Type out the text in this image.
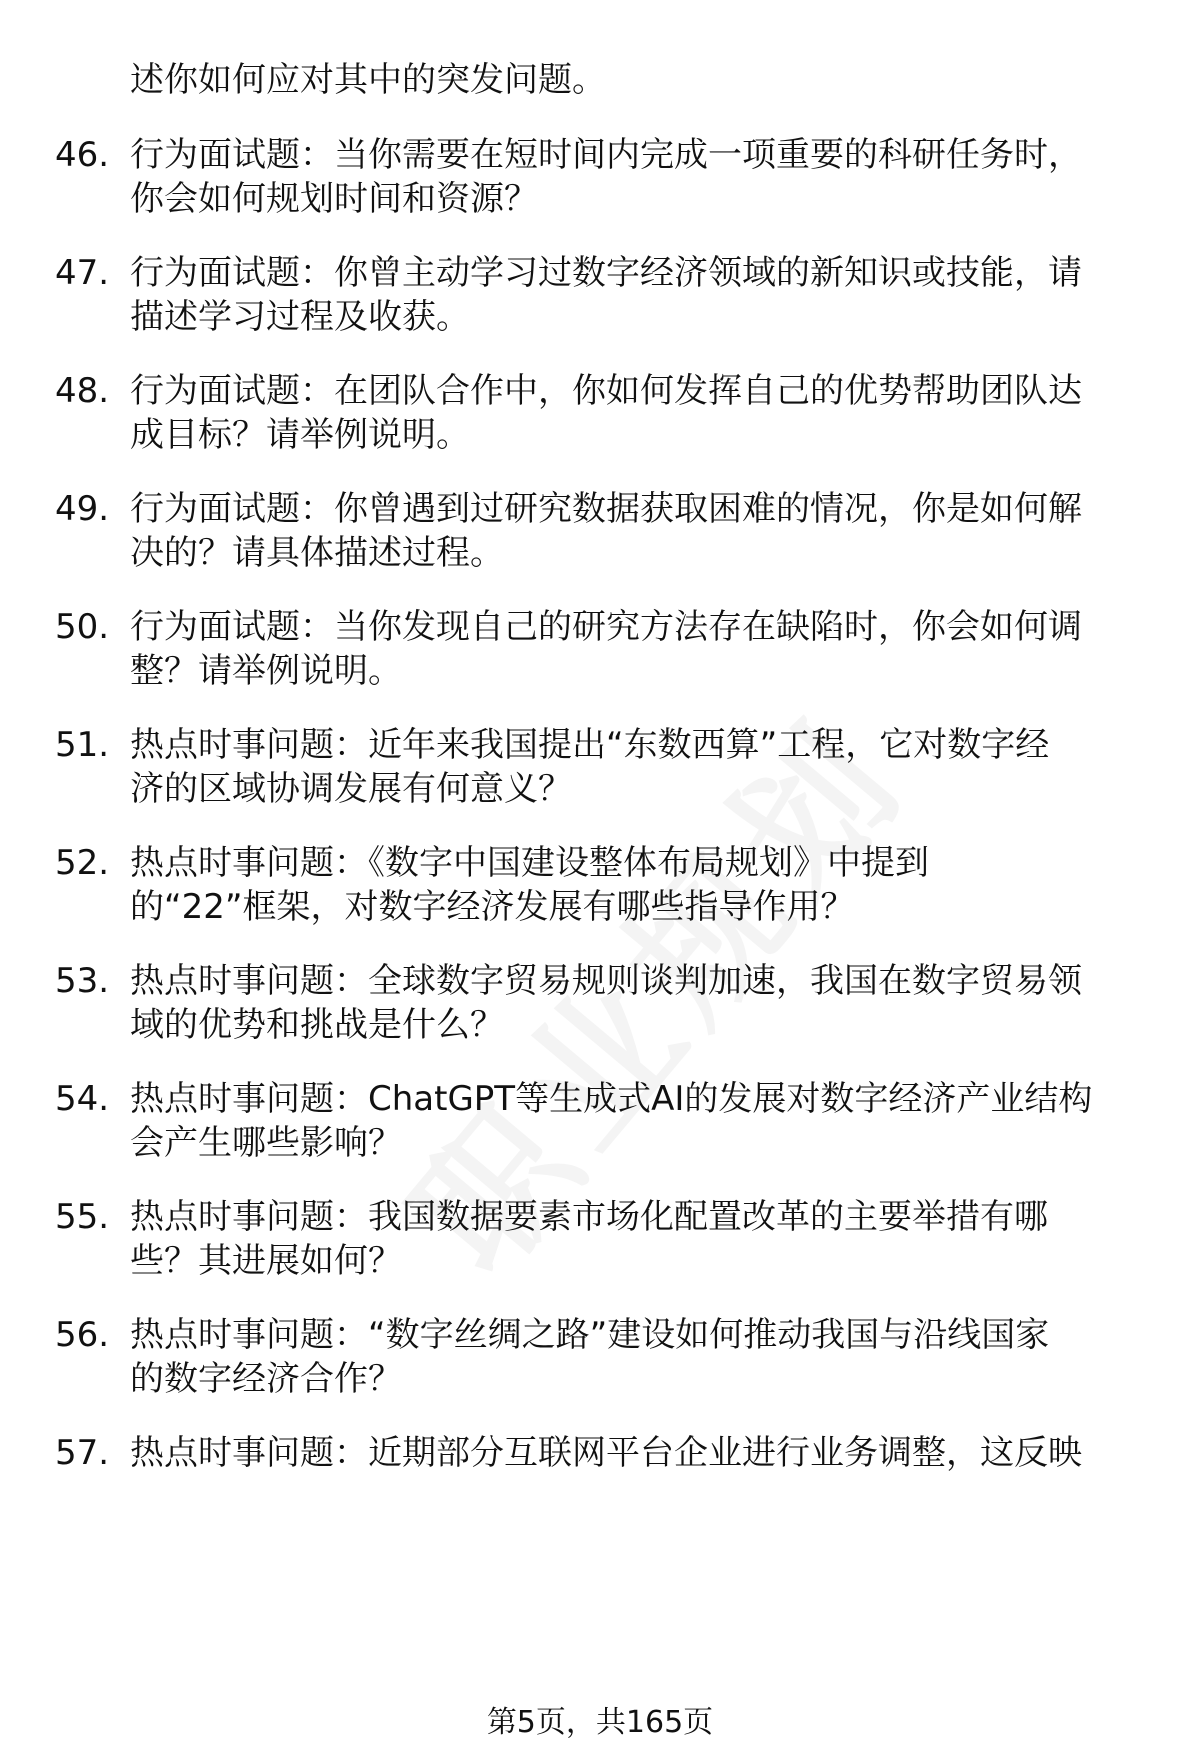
述你如何应对其中的突发问题。
46. 行为面试题：当你需要在短时间内完成一项重要的科研任务时，
你会如何规划时间和资源？
47. 行为面试题：你曾主动学习过数字经济领域的新知识或技能，请
描述学习过程及收获。
48. 行为面试题：在团队合作中，你如何发挥自己的优势帮助团队达
成目标？请举例说明。
49. 行为面试题：你曾遇到过研究数据获取困难的情况，你是如何解
决的？请具体描述过程。
50. 行为面试题：当你发现自己的研究方法存在缺陷时，你会如何调
整？请举例说明。
51. 热点时事问题：近年来我国提出“东数西算”工程，它对数字经
济的区域协调发展有何意义？
52. 热点时事问题：《数字中国建设整体布局规划》中提到
的“22”框架，对数字经济发展有哪些指导作用？
53. 热点时事问题：全球数字贸易规则谈判加速，我国在数字贸易领
域的优势和挑战是什么？
54. 热点时事问题：ChatGPT等生成式AI的发展对数字经济产业结构
会产生哪些影响？
55. 热点时事问题：我国数据要素市场化配置改革的主要举措有哪
些？其进展如何？
56. 热点时事问题：“数字丝绸之路”建设如何推动我国与沿线国家
的数字经济合作？
57. 热点时事问题：近期部分互联网平台企业进行业务调整，这反映
第5页，共165页
